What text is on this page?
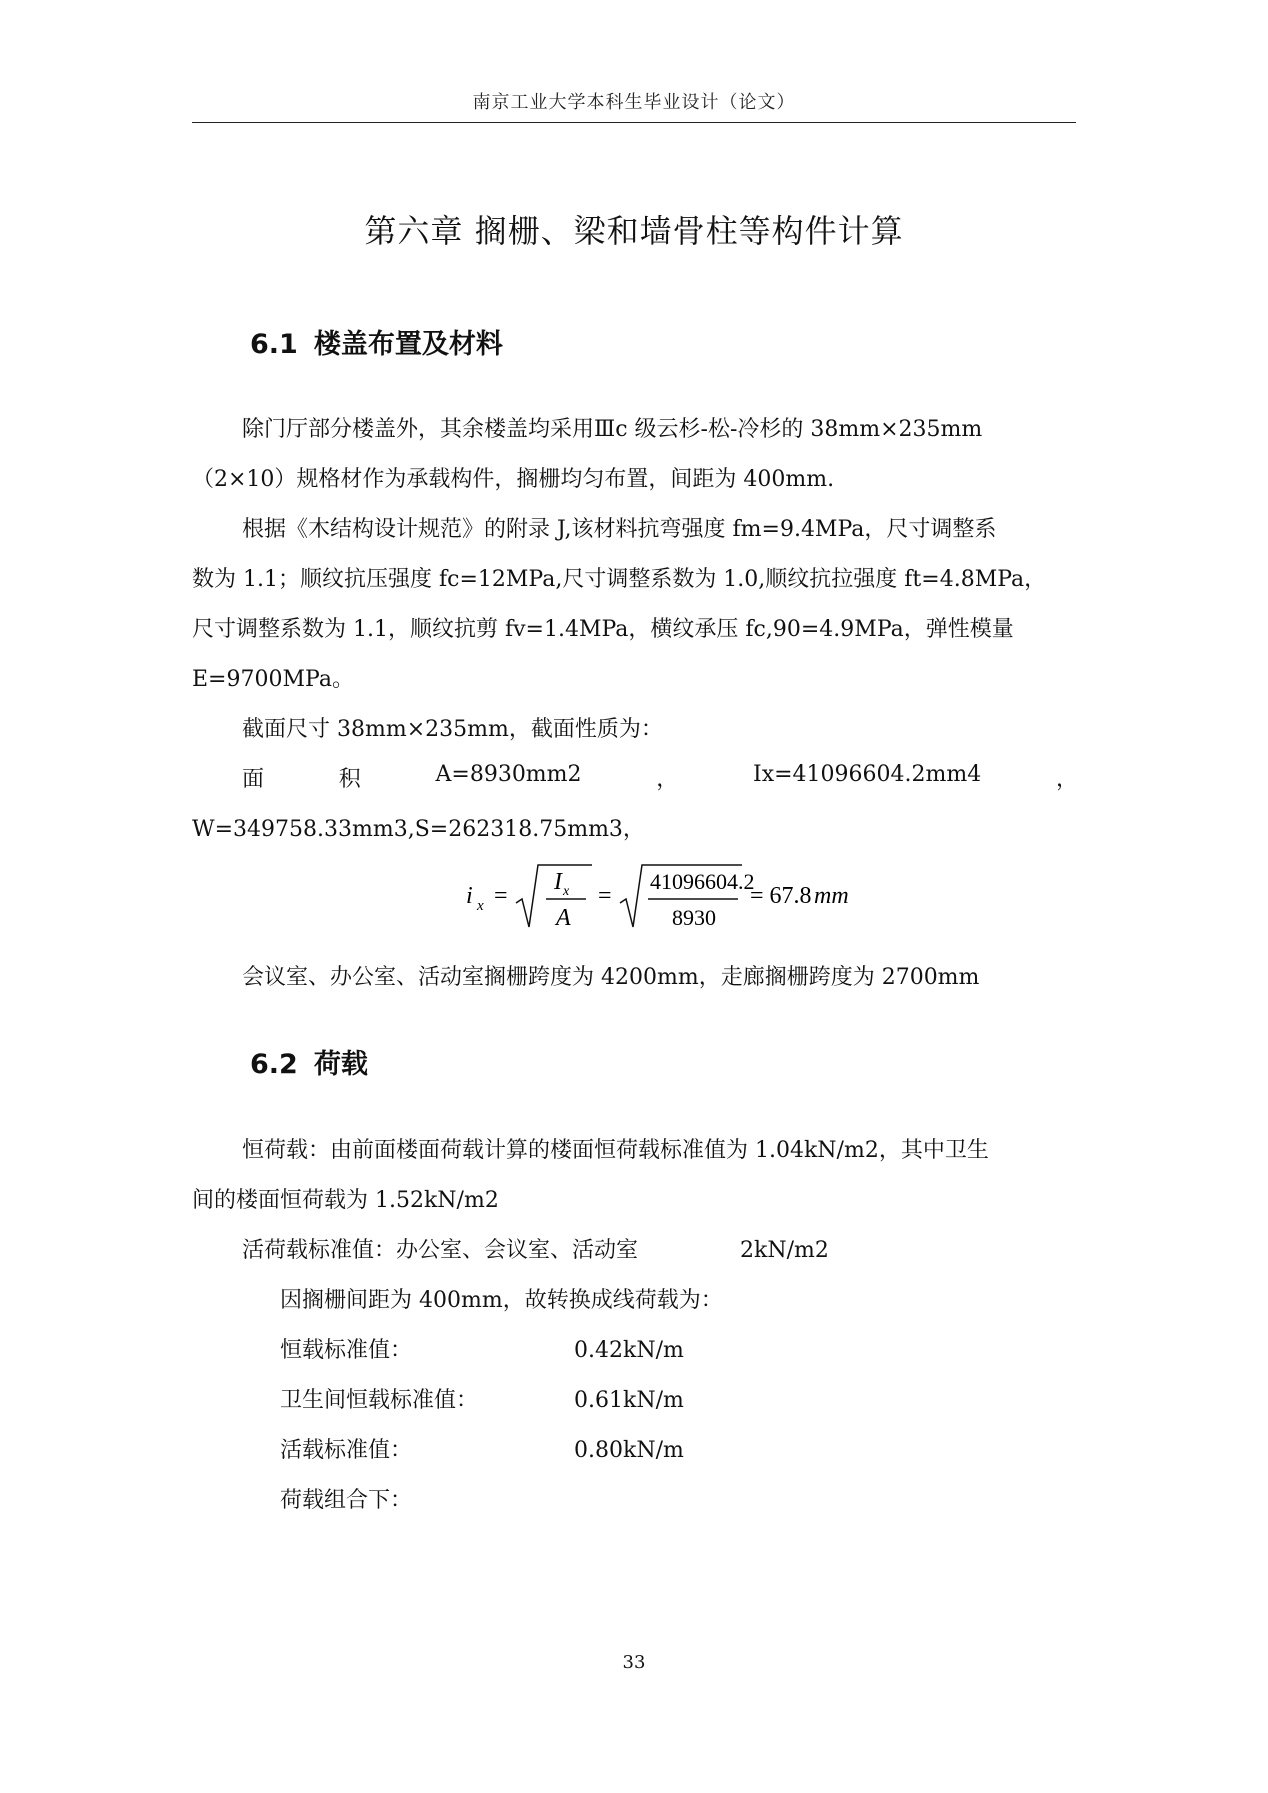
南京工业大学本科生毕业设计（论文）
第六章 搁栅、梁和墙骨柱等构件计算
6.1 楼盖布置及材料
除门厅部分楼盖外，其余楼盖均采用Ⅲc 级云杉-松-冷杉的 38mm×235mm
（2×10）规格材作为承载构件，搁栅均匀布置，间距为 400mm.
根据《木结构设计规范》的附录 J,该材料抗弯强度 fm=9.4MPa，尺寸调整系
数为 1.1；顺纹抗压强度 fc=12MPa,尺寸调整系数为 1.0,顺纹抗拉强度 ft=4.8MPa，
尺寸调整系数为 1.1，顺纹抗剪 fv=1.4MPa，横纹承压 fc,90=4.9MPa，弹性模量
E=9700MPa。
截面尺寸 38mm×235mm，截面性质为：
面	积	A=8930mm2	，	Ix=41096604.2mm4	，
W=349758.33mm3,S=262318.75mm3，
i x =
I x
A
=
41096604.2
8930
= 67.8 mm
会议室、办公室、活动室搁栅跨度为 4200mm，走廊搁栅跨度为 2700mm
6.2 荷载
恒荷载：由前面楼面荷载计算的楼面恒荷载标准值为 1.04kN/m2，其中卫生
间的楼面恒荷载为 1.52kN/m2
活荷载标准值：办公室、会议室、活动室	2kN/m2
因搁栅间距为 400mm，故转换成线荷载为：
恒载标准值：	0.42kN/m
卫生间恒载标准值：	0.61kN/m
活载标准值：	0.80kN/m
荷载组合下：
33
